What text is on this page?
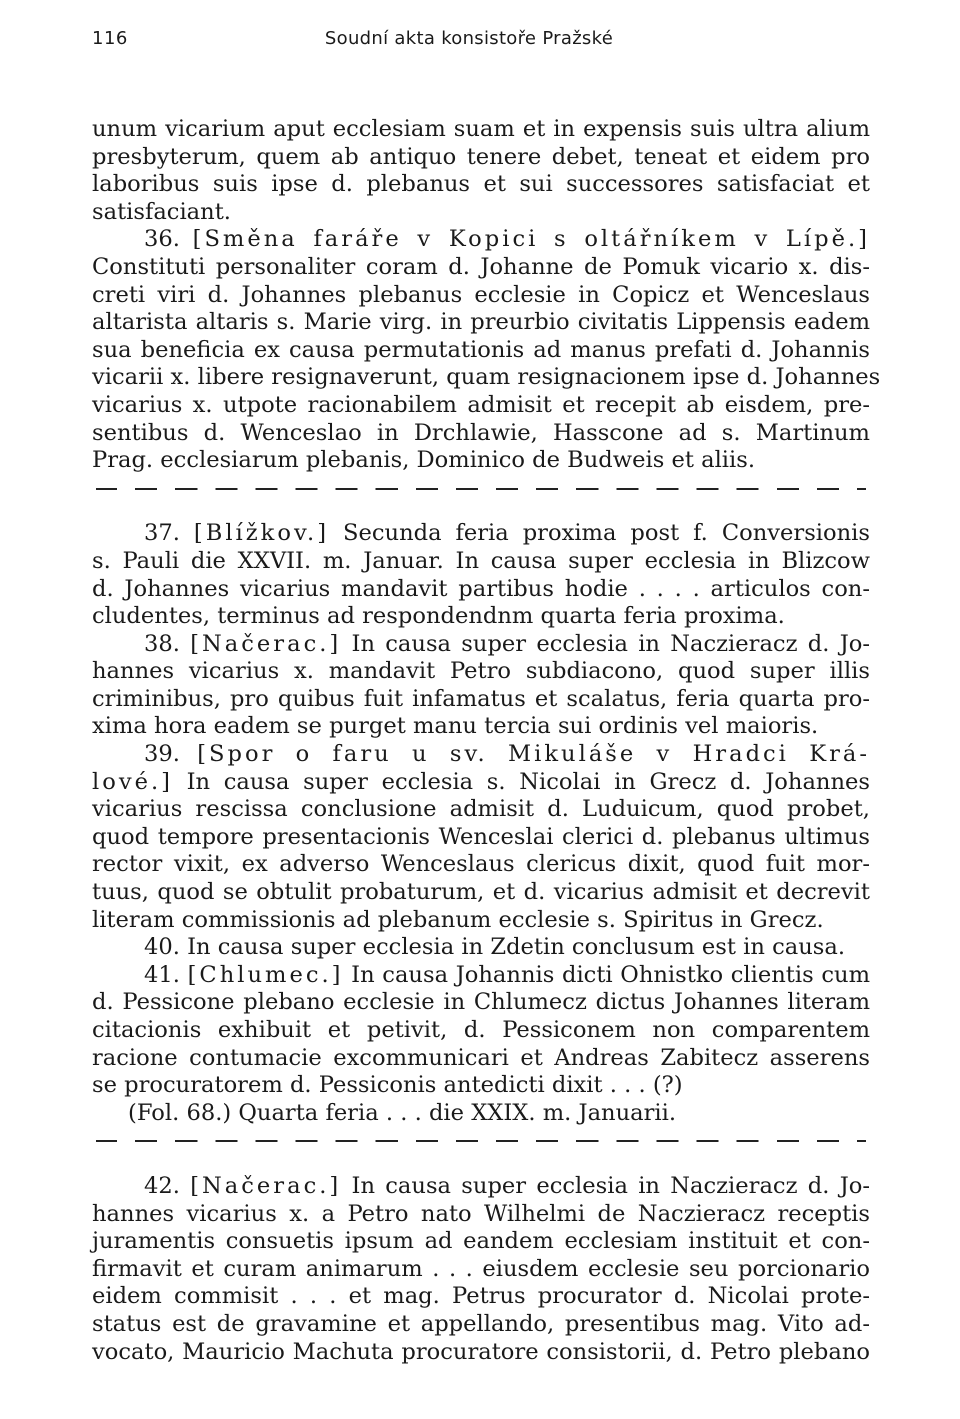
116	Soudní akta konsistoře Pražské
unum vicarium aput ecclesiam suam et in expensis suis ultra alium
presbyterum, quem ab antiquo tenere debet, teneat et eidem pro
laboribus suis ipse d. plebanus et sui successores satisfaciat et
satisfaciant.
36. [Směna faráře v Kopici s oltářníkem v Lípě.]
Constituti personaliter coram d. Johanne de Pomuk vicario x. dis-
creti viri d. Johannes plebanus ecclesie in Copicz et Wenceslaus
altarista altaris s. Marie virg. in preurbio civitatis Lippensis eadem
sua beneficia ex causa permutationis ad manus prefati d. Johannis
vicarii x. libere resignaverunt, quam resignacionem ipse d. Johannes
vicarius x. utpote racionabilem admisit et recepit ab eisdem, pre-
sentibus d. Wenceslao in Drchlawie, Hasscone ad s. Martinum
Prag. ecclesiarum plebanis, Dominico de Budweis et aliis.
37. [Blížkov.] Secunda feria proxima post f. Conversionis
s. Pauli die XXVII. m. Januar. In causa super ecclesia in Blizcow
d. Johannes vicarius mandavit partibus hodie . . . . articulos con-
cludentes, terminus ad respondendnm quarta feria proxima.
38. [Načerac.] In causa super ecclesia in Naczieracz d. Jo-
hannes vicarius x. mandavit Petro subdiacono, quod super illis
criminibus, pro quibus fuit infamatus et scalatus, feria quarta pro-
xima hora eadem se purget manu tercia sui ordinis vel maioris.
39. [Spor o faru u sv. Mikuláše v Hradci Krá-
lové.] In causa super ecclesia s. Nicolai in Grecz d. Johannes
vicarius rescissa conclusione admisit d. Luduicum, quod probet,
quod tempore presentacionis Wenceslai clerici d. plebanus ultimus
rector vixit, ex adverso Wenceslaus clericus dixit, quod fuit mor-
tuus, quod se obtulit probaturum, et d. vicarius admisit et decrevit
literam commissionis ad plebanum ecclesie s. Spiritus in Grecz.
40. In causa super ecclesia in Zdetin conclusum est in causa.
41. [Chlumec.] In causa Johannis dicti Ohnistko clientis cum
d. Pessicone plebano ecclesie in Chlumecz dictus Johannes literam
citacionis exhibuit et petivit, d. Pessiconem non comparentem
racione contumacie excommunicari et Andreas Zabitecz asserens
se procuratorem d. Pessiconis antedicti dixit . . . (?)
(Fol. 68.) Quarta feria . . . die XXIX. m. Januarii.
42. [Načerac.] In causa super ecclesia in Naczieracz d. Jo-
hannes vicarius x. a Petro nato Wilhelmi de Naczieracz receptis
juramentis consuetis ipsum ad eandem ecclesiam instituit et con-
firmavit et curam animarum . . . eiusdem ecclesie seu porcionario
eidem commisit . . . et mag. Petrus procurator d. Nicolai prote-
status est de gravamine et appellando, presentibus mag. Vito ad-
vocato, Mauricio Machuta procuratore consistorii, d. Petro plebano
